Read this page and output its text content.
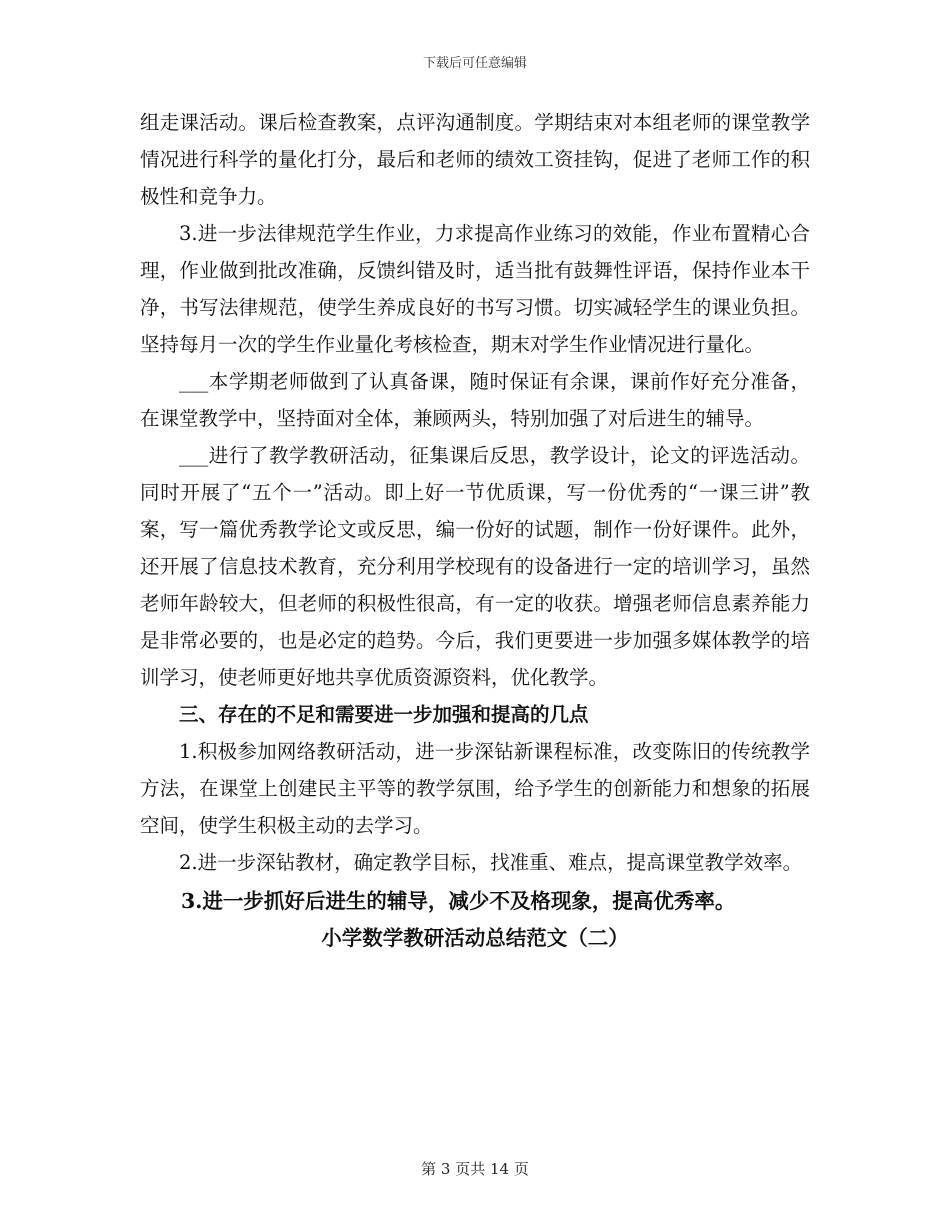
下载后可任意编辑

组走课活动。课后检查教案，点评沟通制度。学期结束对本组老师的课堂教学情况进行科学的量化打分，最后和老师的绩效工资挂钩，促进了老师工作的积极性和竞争力。

3.进一步法律规范学生作业，力求提高作业练习的效能，作业布置精心合理，作业做到批改准确，反馈纠错及时，适当批有鼓舞性评语，保持作业本干净，书写法律规范，使学生养成良好的书写习惯。切实减轻学生的课业负担。坚持每月一次的学生作业量化考核检查，期末对学生作业情况进行量化。

___本学期老师做到了认真备课，随时保证有余课，课前作好充分准备，在课堂教学中，坚持面对全体，兼顾两头，特别加强了对后进生的辅导。

___进行了教学教研活动，征集课后反思，教学设计，论文的评选活动。同时开展了“五个一”活动。即上好一节优质课，写一份优秀的“一课三讲”教案，写一篇优秀教学论文或反思，编一份好的试题，制作一份好课件。此外，还开展了信息技术教育，充分利用学校现有的设备进行一定的培训学习，虽然老师年龄较大，但老师的积极性很高，有一定的收获。增强老师信息素养能力是非常必要的，也是必定的趋势。今后，我们更要进一步加强多媒体教学的培训学习，使老师更好地共享优质资源资料，优化教学。

三、存在的不足和需要进一步加强和提高的几点

1.积极参加网络教研活动，进一步深钻新课程标准，改变陈旧的传统教学方法，在课堂上创建民主平等的教学氛围，给予学生的创新能力和想象的拓展空间，使学生积极主动的去学习。

2.进一步深钻教材，确定教学目标，找准重、难点，提高课堂教学效率。

3.进一步抓好后进生的辅导，减少不及格现象，提高优秀率。

小学数学教研活动总结范文（二）

第 3 页共 14 页
